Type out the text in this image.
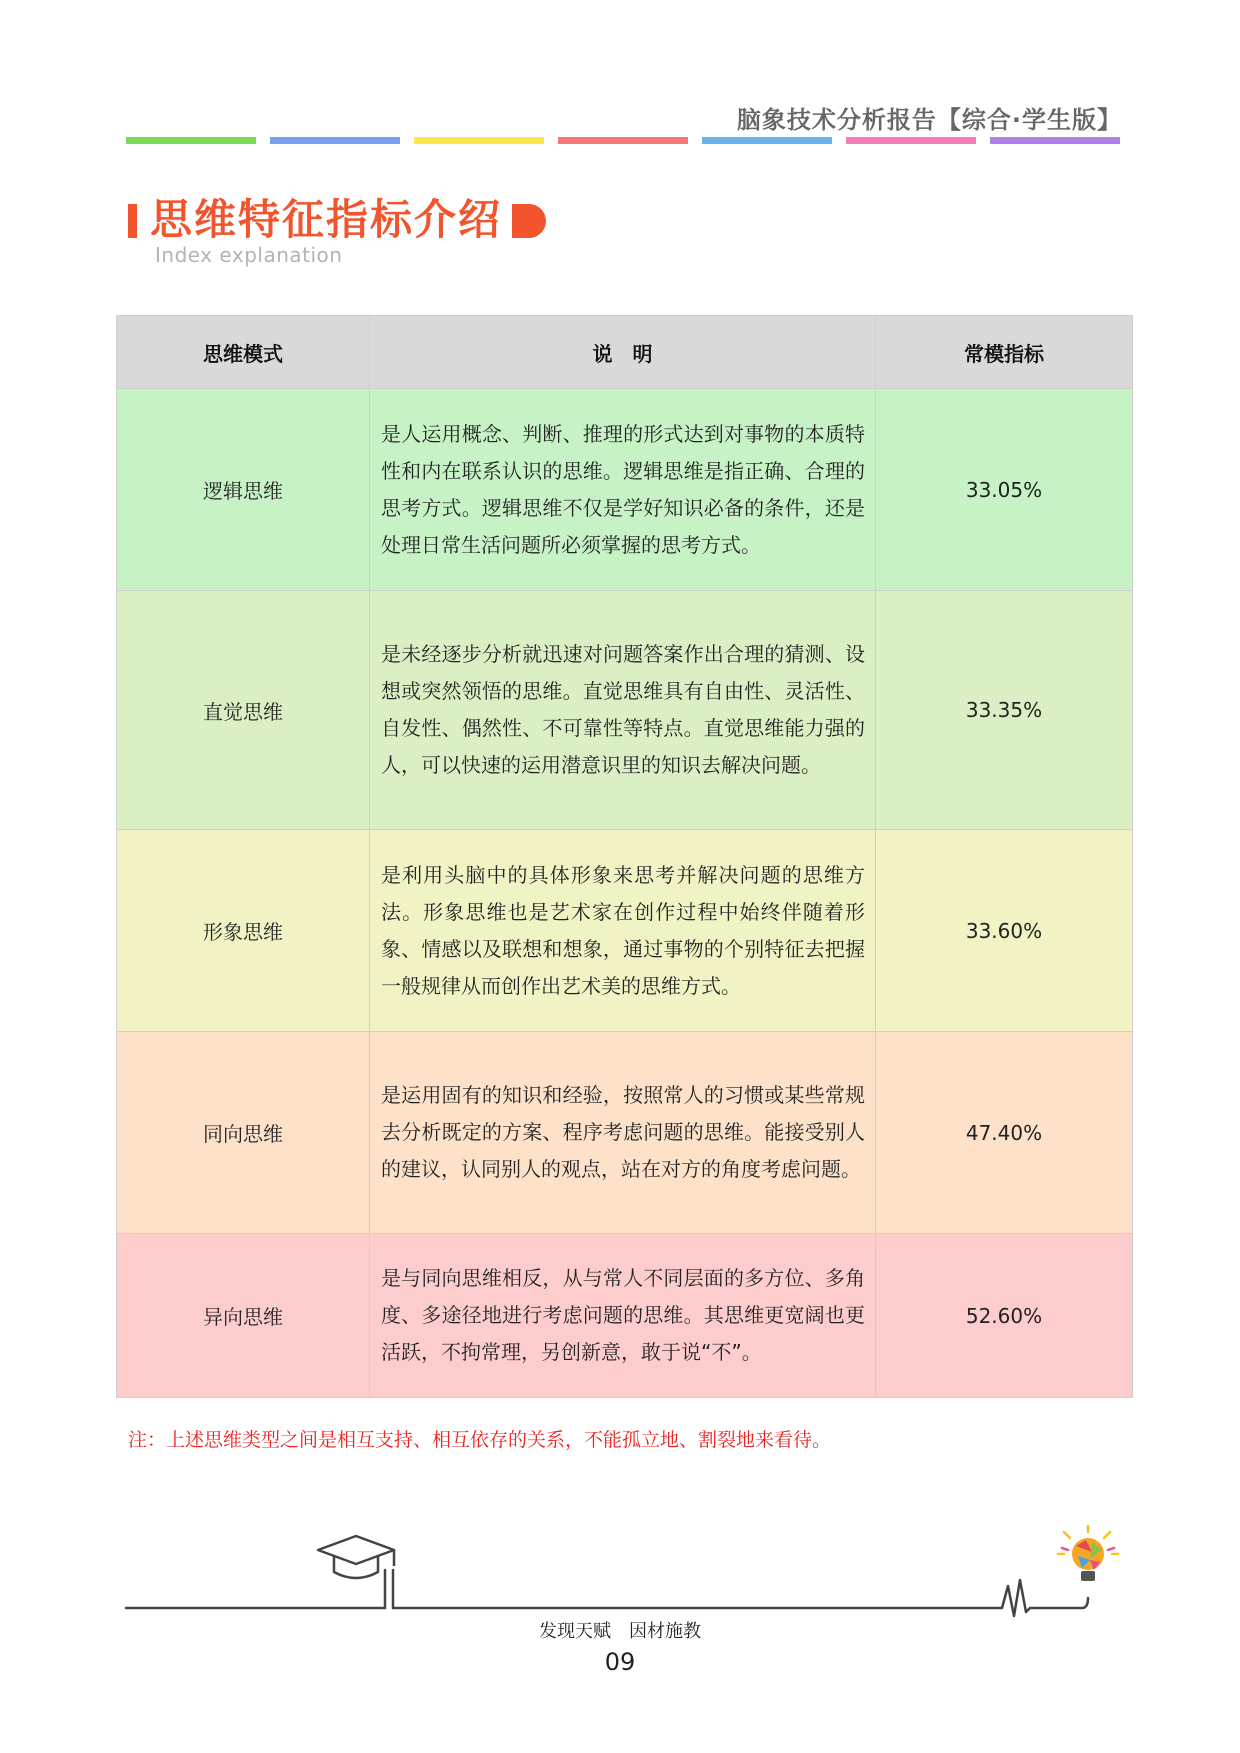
脑象技术分析报告【综合·学生版】
思维特征指标介绍
Index explanation
思维模式	说　明	常模指标
逻辑思维	是人运用概念、判断、推理的形式达到对事物的本质特性和内在联系认识的思维。逻辑思维是指正确、合理的思考方式。逻辑思维不仅是学好知识必备的条件，还是处理日常生活问题所必须掌握的思考方式。	33.05%
直觉思维	是未经逐步分析就迅速对问题答案作出合理的猜测、设想或突然领悟的思维。直觉思维具有自由性、灵活性、自发性、偶然性、不可靠性等特点。直觉思维能力强的人，可以快速的运用潜意识里的知识去解决问题。	33.35%
形象思维	是利用头脑中的具体形象来思考并解决问题的思维方法。形象思维也是艺术家在创作过程中始终伴随着形象、情感以及联想和想象，通过事物的个别特征去把握一般规律从而创作出艺术美的思维方式。	33.60%
同向思维	是运用固有的知识和经验，按照常人的习惯或某些常规去分析既定的方案、程序考虑问题的思维。能接受别人的建议，认同别人的观点，站在对方的角度考虑问题。	47.40%
异向思维	是与同向思维相反，从与常人不同层面的多方位、多角度、多途径地进行考虑问题的思维。其思维更宽阔也更活跃，不拘常理，另创新意，敢于说“不”。	52.60%
注：上述思维类型之间是相互支持、相互依存的关系，不能孤立地、割裂地来看待。
发现天赋　因材施教
09
